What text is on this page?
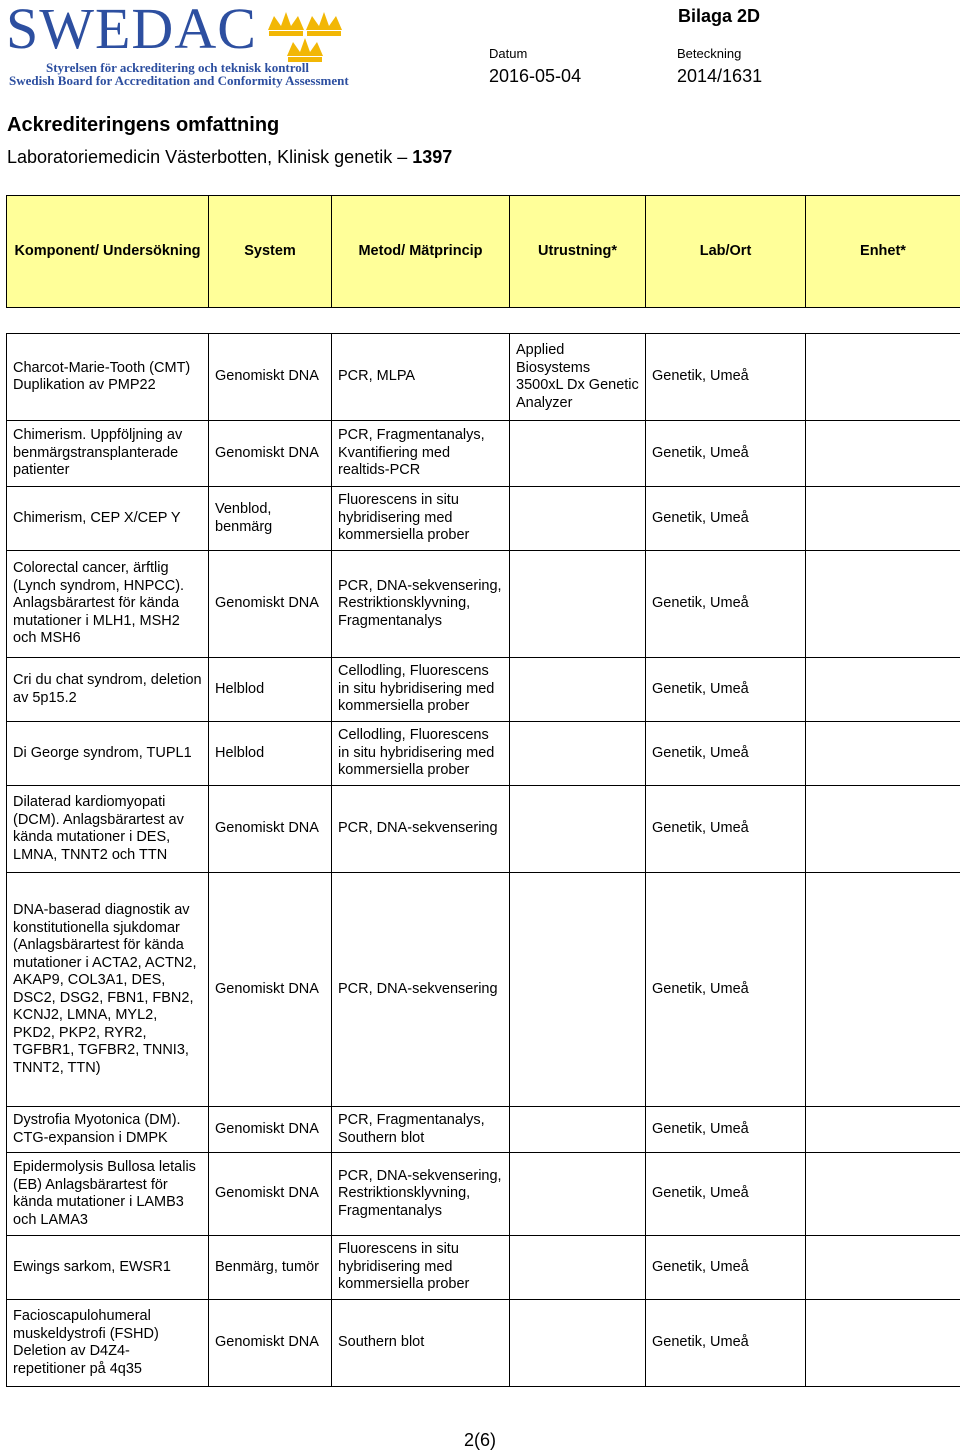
SWEDAC
Styrelsen för ackreditering och teknisk kontroll
Swedish Board for Accreditation and Conformity Assessment
Bilaga 2D
Datum
2016-05-04
Beteckning
2014/1631
Ackrediteringens omfattning
Laboratoriemedicin Västerbotten, Klinisk genetik – 1397
Komponent/ Undersökning	System	Metod/ Mätprincip	Utrustning*	Lab/Ort	Enhet*
Charcot-Marie-Tooth (CMT) Duplikation av PMP22	Genomiskt DNA	PCR, MLPA	Applied Biosystems 3500xL Dx Genetic Analyzer	Genetik, Umeå	
Chimerism. Uppföljning av benmärgstransplanterade patienter	Genomiskt DNA	PCR, Fragmentanalys, Kvantifiering med realtids-PCR		Genetik, Umeå	
Chimerism, CEP X/CEP Y	Venblod, benmärg	Fluorescens in situ hybridisering med kommersiella prober		Genetik, Umeå	
Colorectal cancer, ärftlig (Lynch syndrom, HNPCC). Anlagsbärartest för kända mutationer i MLH1, MSH2 och MSH6	Genomiskt DNA	PCR, DNA-sekvensering, Restriktionsklyvning, Fragmentanalys		Genetik, Umeå	
Cri du chat syndrom, deletion av 5p15.2	Helblod	Cellodling, Fluorescens in situ hybridisering med kommersiella prober		Genetik, Umeå	
Di George syndrom, TUPL1	Helblod	Cellodling, Fluorescens in situ hybridisering med kommersiella prober		Genetik, Umeå	
Dilaterad kardiomyopati (DCM). Anlagsbärartest av kända mutationer i DES, LMNA, TNNT2 och TTN	Genomiskt DNA	PCR, DNA-sekvensering		Genetik, Umeå	
DNA-baserad diagnostik av konstitutionella sjukdomar (Anlagsbärartest för kända mutationer i ACTA2, ACTN2, AKAP9, COL3A1, DES, DSC2, DSG2, FBN1, FBN2, KCNJ2, LMNA, MYL2, PKD2, PKP2, RYR2, TGFBR1, TGFBR2, TNNI3, TNNT2, TTN)	Genomiskt DNA	PCR, DNA-sekvensering		Genetik, Umeå	
Dystrofia Myotonica (DM). CTG-expansion i DMPK	Genomiskt DNA	PCR, Fragmentanalys, Southern blot		Genetik, Umeå	
Epidermolysis Bullosa letalis (EB) Anlagsbärartest för kända mutationer i LAMB3 och LAMA3	Genomiskt DNA	PCR, DNA-sekvensering, Restriktionsklyvning, Fragmentanalys		Genetik, Umeå	
Ewings sarkom, EWSR1	Benmärg, tumör	Fluorescens in situ hybridisering med kommersiella prober		Genetik, Umeå	
Facioscapulohumeral muskeldystrofi (FSHD) Deletion av D4Z4-repetitioner på 4q35	Genomiskt DNA	Southern blot		Genetik, Umeå	
2(6)
